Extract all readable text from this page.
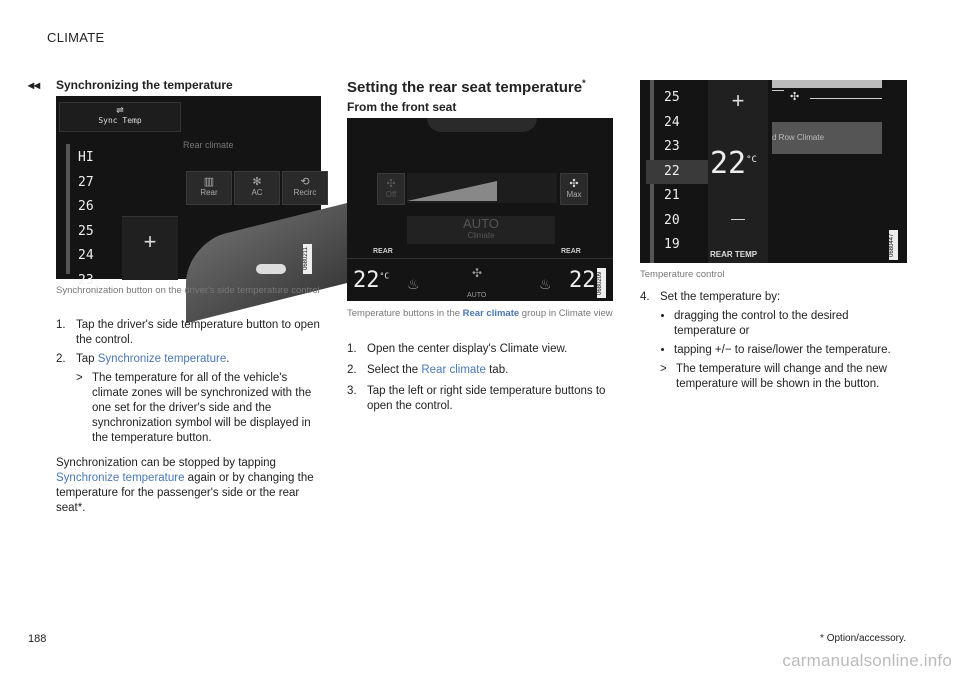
CLIMATE
◂◂ Synchronizing the temperature
⇌
Sync Temp
Rear climate
HI
27
26
25
24
23
+
▥
Rear
✻
AC
⟲
Recirc
0680211
Synchronization button on the driver's side temperature control
1. Tap the driver's side temperature button to open the control.
2. Tap Synchronize temperature.
> The temperature for all of the vehicle's climate zones will be synchronized with the one set for the driver's side and the synchronization symbol will be displayed in the temperature button.
Synchronization can be stopped by tapping Synchronize temperature again or by changing the temperature for the passenger's side or the rear seat*.
Setting the rear seat temperature*
From the front seat
✣
Off
✣
Max
AUTO
Climate
REAR	REAR
$22^{^\circ C}$ ♨
✣
AUTO
♨ 22 0680209
Temperature buttons in the Rear climate group in Climate view
1. Open the center display's Climate view.
2. Select the Rear climate tab.
3. Tap the left or right side temperature buttons to open the control.
25
24
23
22
21
20
19
+
$22^{^\circ C}$
—
REAR TEMP
✣
d Row Climate
0680447
Temperature control
4. Set the temperature by:
• dragging the control to the desired temperature or
• tapping +/− to raise/lower the temperature.
> The temperature will change and the new temperature will be shown in the button.
188	* Option/accessory.
carmanualsonline.info
